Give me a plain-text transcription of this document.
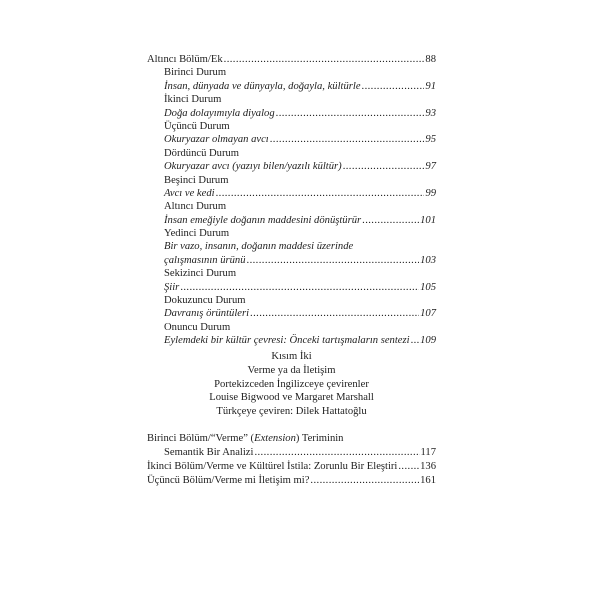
Altıncı Bölüm/Ek .....	88
Birinci Durum
İnsan, dünyada ve dünyayla, doğayla, kültürle .....	91
İkinci Durum
Doğa dolayımıyla diyalog .....	93
Üçüncü Durum
Okuryazar olmayan avcı .....	95
Dördüncü Durum
Okuryazar avcı (yazıyı bilen/yazılı kültür) .....	97
Beşinci Durum
Avcı ve kedi .....	99
Altıncı Durum
İnsan emeğiyle doğanın maddesini dönüştürür .....	101
Yedinci Durum
Bir vazo, insanın, doğanın maddesi üzerinde
çalışmasının ürünü .....	103
Sekizinci Durum
Şiir .....	105
Dokuzuncu Durum
Davranış örüntüleri .....	107
Onuncu Durum
Eylemdeki bir kültür çevresi: Önceki tartışmaların sentezi ..... 109
Kısım İki
Verme ya da İletişim
Portekizceden İngilizceye çevirenler
Louise Bigwood ve Margaret Marshall
Türkçeye çeviren: Dilek Hattatoğlu
Birinci Bölüm/“Verme” (Extension) Teriminin
Semantik Bir Analizi .....	117
İkinci Bölüm/Verme ve Kültürel İstila: Zorunlu Bir Eleştiri ..... 136
Üçüncü Bölüm/Verme mi İletişim mi? .....	161
